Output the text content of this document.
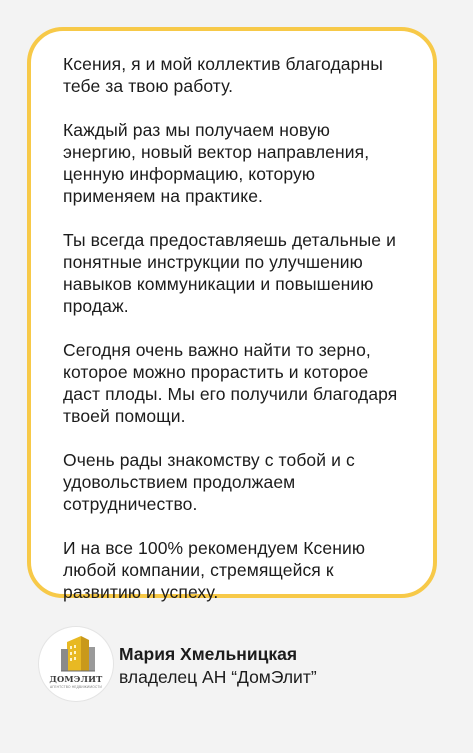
Ксения, я и мой коллектив благодарны тебе за твою работу.

Каждый раз мы получаем новую энергию, новый вектор направления, ценную информацию, которую применяем на практике.

Ты всегда предоставляешь детальные и понятные инструкции по улучшению навыков коммуникации и повышению продаж.

Сегодня очень важно найти то зерно, которое можно прорастить и которое даст плоды. Мы его получили благодаря твоей помощи.

Очень рады знакомству с тобой и с удовольствием продолжаем сотрудничество.

И на все 100% рекомендуем Ксению любой компании, стремящейся к развитию и успеху.

ДОМЭЛИТ
АГЕНТСТВО НЕДВИЖИМОСТИ
Мария Хмельницкая
владелец АН “ДомЭлит”
